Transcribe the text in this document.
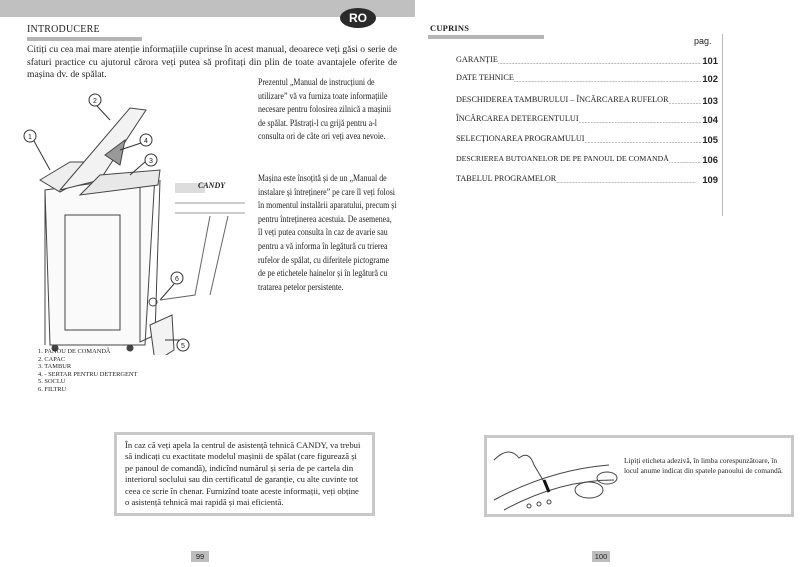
RO
INTRODUCERE
Citiți cu cea mai mare atenție informațiile cuprinse în acest manual, deoarece veți găsi o serie de sfaturi practice cu ajutorul cărora veți putea să profitați din plin de toate avantajele oferite de mașina dv. de spălat.
Prezentul „Manual de instrucțiuni de utilizare” vă va furniza toate informațiile necesare pentru folosirea zilnică a mașinii de spălat. Păstrați-l cu grijă pentru a-l consulta ori de câte ori veți avea nevoie.
Mașina este însoțită și de un „Manual de instalare și întreținere” pe care îl veți folosi în momentul instalării aparatului, precum și pentru întreținerea acestuia. De asemenea, îl veți putea consulta în caz de avarie sau pentru a vă informa în legătură cu trierea rufelor de spălat, cu diferitele pictograme de pe etichetele hainelor și în legătură cu tratarea petelor persistente.
1
2
3
4
5
6
CANDY
1. PANOU DE COMANDĂ
2. CAPAC
3. TAMBUR
4. - SERTAR PENTRU DETERGENT
5. SOCLU
6. FILTRU
În caz că veți apela la centrul de asistență tehnică CANDY, va trebui să indicați cu exactitate modelul mașinii de spălat (care figurează și pe panoul de comandă), indicînd numărul și seria de pe cartela din interiorul soclului sau din certificatul de garanție, cu alte cuvinte tot ceea ce scrie în chenar. Furnizînd toate aceste informații, veți obține o asistență tehnică mai rapidă și mai eficientă.
99
CUPRINS
pag.
GARANȚIE .....	101
DATE TEHNICE .....	102
DESCHIDEREA TAMBURULUI – ÎNCĂRCAREA RUFELOR .....	103
ÎNCĂRCAREA DETERGENTULUI .....	104
SELECȚIONAREA PROGRAMULUI .....	105
DESCRIEREA BUTOANELOR DE PE PANOUL DE COMANDĂ .....	106
TABELUL PROGRAMELOR .....	109

Lipiți eticheta adezivă, în limba corespunzătoare, în locul anume indicat din spatele panoului de comandă.

100
